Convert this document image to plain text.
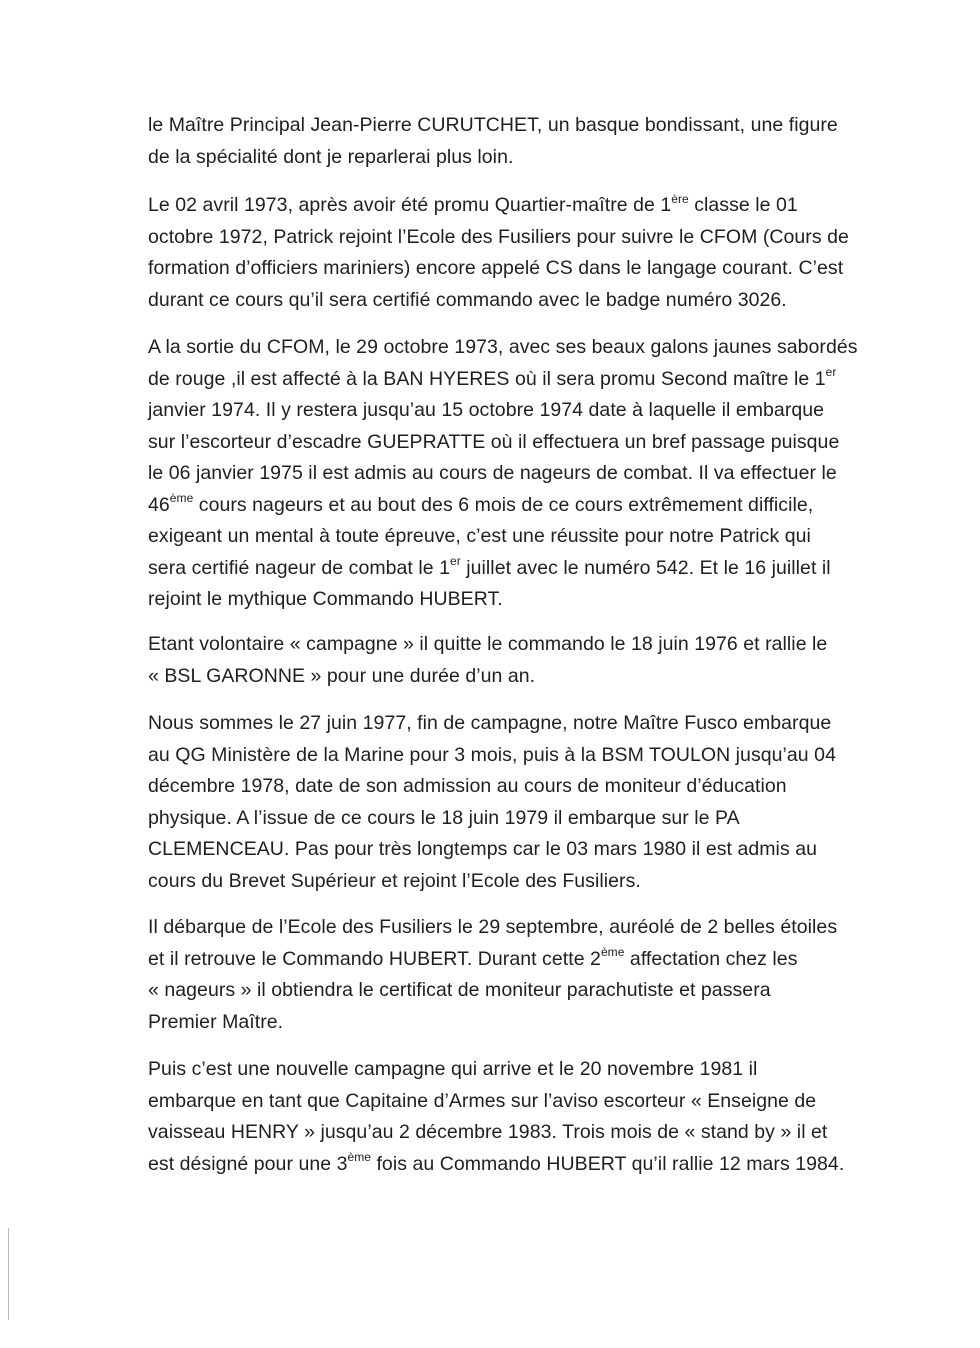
le Maître Principal Jean-Pierre CURUTCHET, un basque bondissant, une figure
de la spécialité dont je reparlerai plus loin.
Le 02 avril 1973, après avoir été promu Quartier-maître de 1ère classe le 01
octobre 1972, Patrick rejoint l’Ecole des Fusiliers pour suivre le CFOM (Cours de
formation d’officiers mariniers) encore appelé CS dans le langage courant. C’est
durant ce cours qu’il sera certifié commando avec le badge numéro 3026.
A la sortie du CFOM, le 29 octobre 1973, avec ses beaux galons jaunes sabordés
de rouge ,il est affecté à la BAN HYERES où il sera promu Second maître le 1er
janvier 1974. Il y restera jusqu’au 15 octobre 1974 date à laquelle il embarque
sur l’escorteur d’escadre GUEPRATTE où il effectuera un bref passage puisque
le 06 janvier 1975 il est admis au cours de nageurs de combat. Il va effectuer le
46ème cours nageurs et au bout des 6 mois de ce cours extrêmement difficile,
exigeant un mental à toute épreuve, c’est une réussite pour notre Patrick qui
sera certifié nageur de combat le 1er juillet avec le numéro 542. Et le 16 juillet il
rejoint le mythique Commando HUBERT.
Etant volontaire « campagne » il quitte le commando le 18 juin 1976 et rallie le
« BSL GARONNE » pour une durée d’un an.
Nous sommes le 27 juin 1977, fin de campagne, notre Maître Fusco embarque
au QG Ministère de la Marine pour 3 mois, puis à la BSM TOULON jusqu’au 04
décembre 1978, date de son admission au cours de moniteur d’éducation
physique. A l’issue de ce cours le 18 juin 1979 il embarque sur le PA
CLEMENCEAU. Pas pour très longtemps car le 03 mars 1980 il est admis au
cours du Brevet Supérieur et rejoint l’Ecole des Fusiliers.
Il débarque de l’Ecole des Fusiliers le 29 septembre, auréolé de 2 belles étoiles
et il retrouve le Commando HUBERT. Durant cette 2ème affectation chez les
« nageurs » il obtiendra le certificat de moniteur parachutiste et passera
Premier Maître.
Puis c’est une nouvelle campagne qui arrive et le 20 novembre 1981 il
embarque en tant que Capitaine d’Armes sur l’aviso escorteur « Enseigne de
vaisseau HENRY » jusqu’au 2 décembre 1983. Trois mois de « stand by » il et
est désigné pour une 3ème fois au Commando HUBERT qu’il rallie 12 mars 1984.
